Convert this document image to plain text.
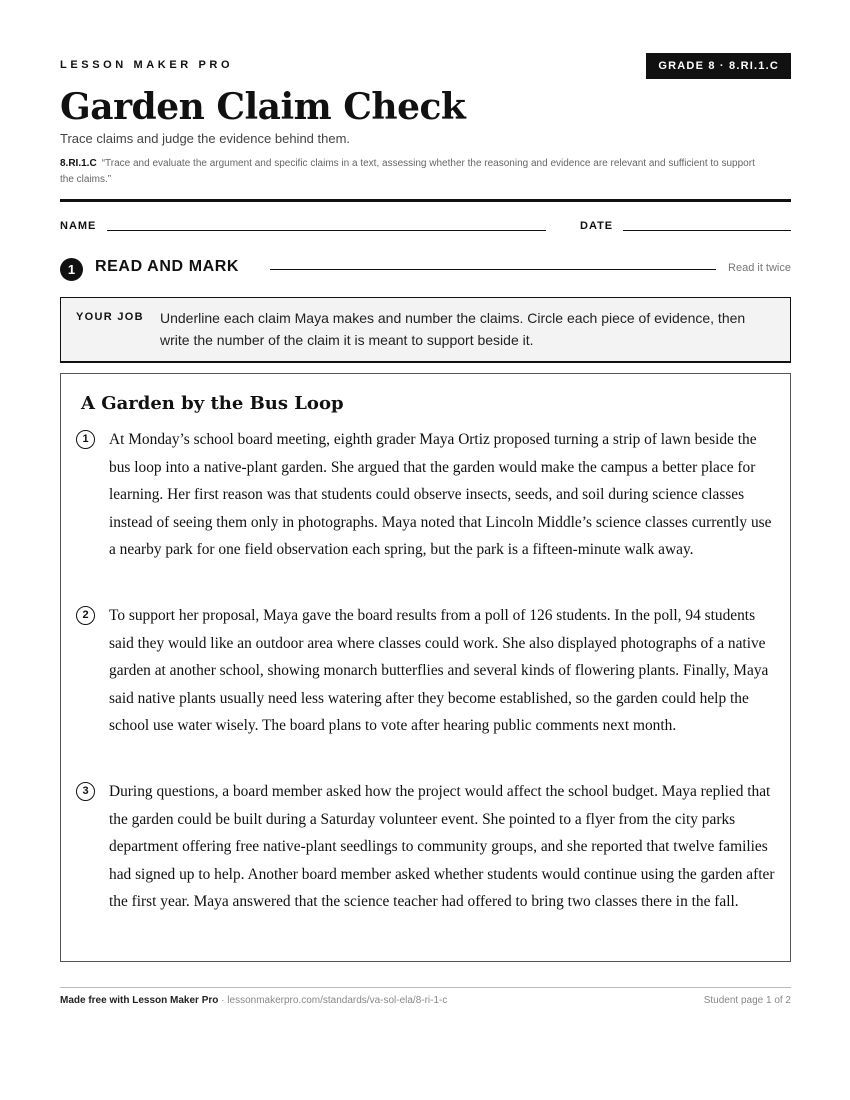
LESSON MAKER PRO	GRADE 8 · 8.RI.1.C
Garden Claim Check
Trace claims and judge the evidence behind them.
8.RI.1.C “Trace and evaluate the argument and specific claims in a text, assessing whether the reasoning and evidence are relevant and sufficient to support the claims.”
NAME	DATE
1	READ AND MARK	Read it twice
YOUR JOB Underline each claim Maya makes and number the claims. Circle each piece of evidence, then write the number of the claim it is meant to support beside it.
A Garden by the Bus Loop
1	At Monday’s school board meeting, eighth grader Maya Ortiz proposed turning a strip of lawn beside the bus loop into a native-plant garden. She argued that the garden would make the campus a better place for learning. Her first reason was that students could observe insects, seeds, and soil during science classes instead of seeing them only in photographs. Maya noted that Lincoln Middle’s science classes currently use a nearby park for one field observation each spring, but the park is a fifteen-minute walk away.
2	To support her proposal, Maya gave the board results from a poll of 126 students. In the poll, 94 students said they would like an outdoor area where classes could work. She also displayed photographs of a native garden at another school, showing monarch butterflies and several kinds of flowering plants. Finally, Maya said native plants usually need less watering after they become established, so the garden could help the school use water wisely. The board plans to vote after hearing public comments next month.
3	During questions, a board member asked how the project would affect the school budget. Maya replied that the garden could be built during a Saturday volunteer event. She pointed to a flyer from the city parks department offering free native-plant seedlings to community groups, and she reported that twelve families had signed up to help. Another board member asked whether students would continue using the garden after the first year. Maya answered that the science teacher had offered to bring two classes there in the fall.
Made free with Lesson Maker Pro · lessonmakerpro.com/standards/va-sol-ela/8-ri-1-c	Student page 1 of 2
